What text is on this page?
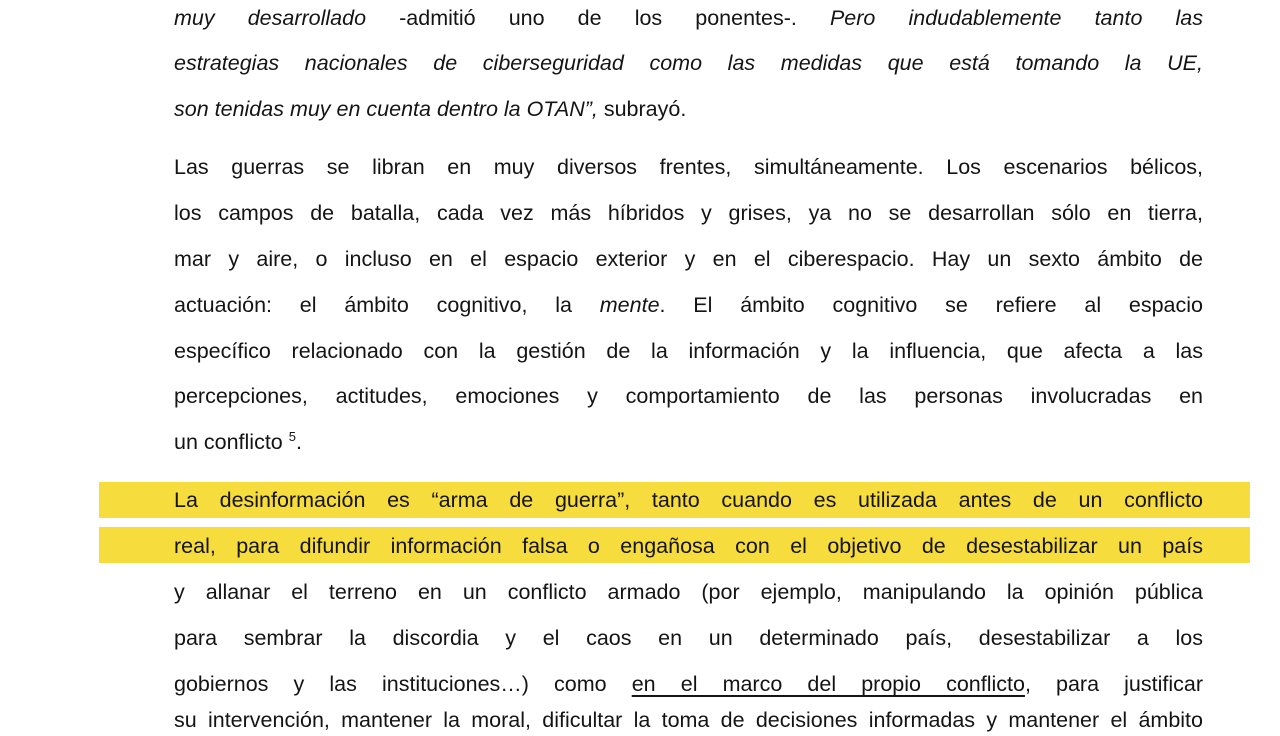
muy desarrollado -admitió uno de los ponentes-. Pero indudablemente tanto las
estrategias nacionales de ciberseguridad como las medidas que está tomando la UE,
son tenidas muy en cuenta dentro la OTAN”, subrayó.
Las guerras se libran en muy diversos frentes, simultáneamente. Los escenarios bélicos,
los campos de batalla, cada vez más híbridos y grises, ya no se desarrollan sólo en tierra,
mar y aire, o incluso en el espacio exterior y en el ciberespacio. Hay un sexto ámbito de
actuación: el ámbito cognitivo, la mente. El ámbito cognitivo se refiere al espacio
específico relacionado con la gestión de la información y la influencia, que afecta a las
percepciones, actitudes, emociones y comportamiento de las personas involucradas en
un conflicto $^5$.
La desinformación es “arma de guerra”, tanto cuando es utilizada antes de un conflicto
real, para difundir información falsa o engañosa con el objetivo de desestabilizar un país
y allanar el terreno en un conflicto armado (por ejemplo, manipulando la opinión pública
para sembrar la discordia y el caos en un determinado país, desestabilizar a los
gobiernos y las instituciones…) como en el marco del propio conflicto, para justificar
su intervención, mantener la moral, dificultar la toma de decisiones informadas y mantener el ámbito
